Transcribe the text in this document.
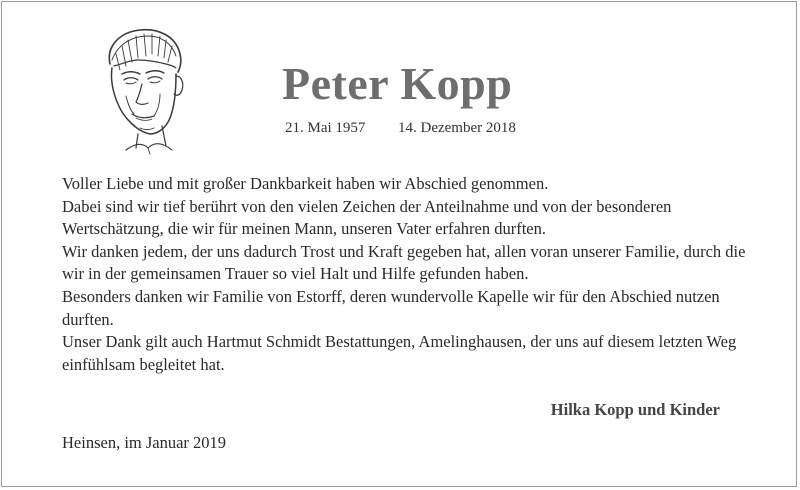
Peter Kopp
21. Mai 1957 14. Dezember 2018

Voller Liebe und mit großer Dankbarkeit haben wir Abschied genommen.

Dabei sind wir tief berührt von den vielen Zeichen der Anteilnahme und von der besonderen Wertschätzung, die wir für meinen Mann, unseren Vater erfahren durften.

Wir danken jedem, der uns dadurch Trost und Kraft gegeben hat, allen voran unserer Familie, durch die wir in der gemeinsamen Trauer so viel Halt und Hilfe gefunden haben.

Besonders danken wir Familie von Estorff, deren wundervolle Kapelle wir für den Abschied nutzen durften.

Unser Dank gilt auch Hartmut Schmidt Bestattungen, Amelinghausen, der uns auf diesem letzten Weg einfühlsam begleitet hat.

Hilka Kopp und Kinder
Heinsen, im Januar 2019
